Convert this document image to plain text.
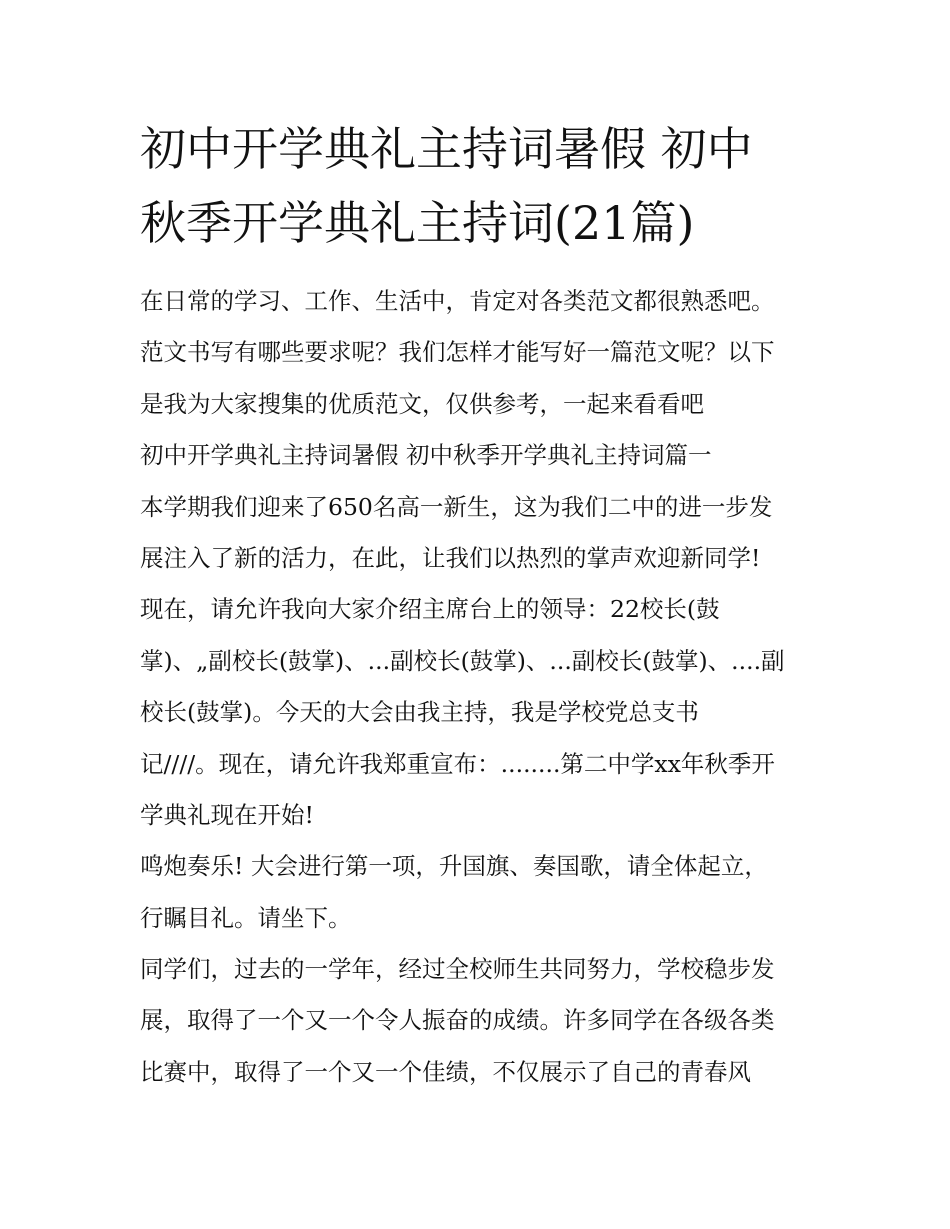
初中开学典礼主持词暑假 初中
秋季开学典礼主持词(21篇)
在日常的学习、工作、生活中，肯定对各类范文都很熟悉吧。
范文书写有哪些要求呢？我们怎样才能写好一篇范文呢？以下
是我为大家搜集的优质范文，仅供参考，一起来看看吧
初中开学典礼主持词暑假 初中秋季开学典礼主持词篇一
本学期我们迎来了650名高一新生，这为我们二中的进一步发
展注入了新的活力，在此，让我们以热烈的掌声欢迎新同学!
现在，请允许我向大家介绍主席台上的领导：22校长(鼓
掌)、„副校长(鼓掌)、...副校长(鼓掌)、...副校长(鼓掌)、....副
校长(鼓掌)。今天的大会由我主持，我是学校党总支书
记////。现在，请允许我郑重宣布：........第二中学xx年秋季开
学典礼现在开始!
鸣炮奏乐! 大会进行第一项，升国旗、奏国歌，请全体起立，
行瞩目礼。请坐下。
同学们，过去的一学年，经过全校师生共同努力，学校稳步发
展，取得了一个又一个令人振奋的成绩。许多同学在各级各类
比赛中，取得了一个又一个佳绩，不仅展示了自己的青春风
